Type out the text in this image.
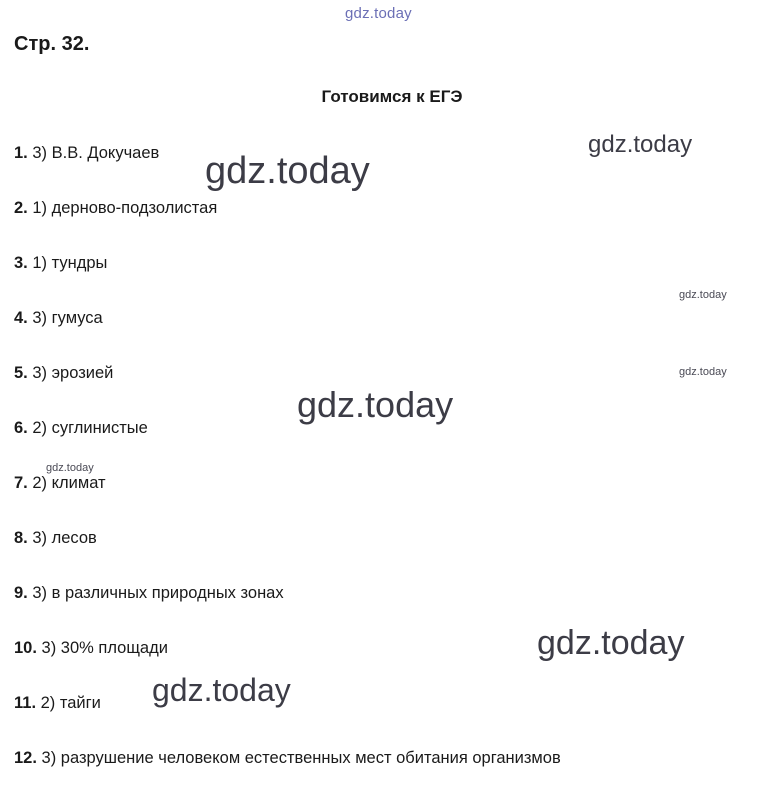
gdz.today
gdz.today
gdz.today
gdz.today
gdz.today
gdz.today
gdz.today
gdz.today
gdz.today
Стр. 32.
Готовимся к ЕГЭ
1. 3) В.В. Докучаев
2. 1) дерново-подзолистая
3. 1) тундры
4. 3) гумуса
5. 3) эрозией
6. 2) суглинистые
7. 2) климат
8. 3) лесов
9. 3) в различных природных зонах
10. 3) 30% площади
11. 2) тайги
12. 3) разрушение человеком естественных мест обитания организмов
